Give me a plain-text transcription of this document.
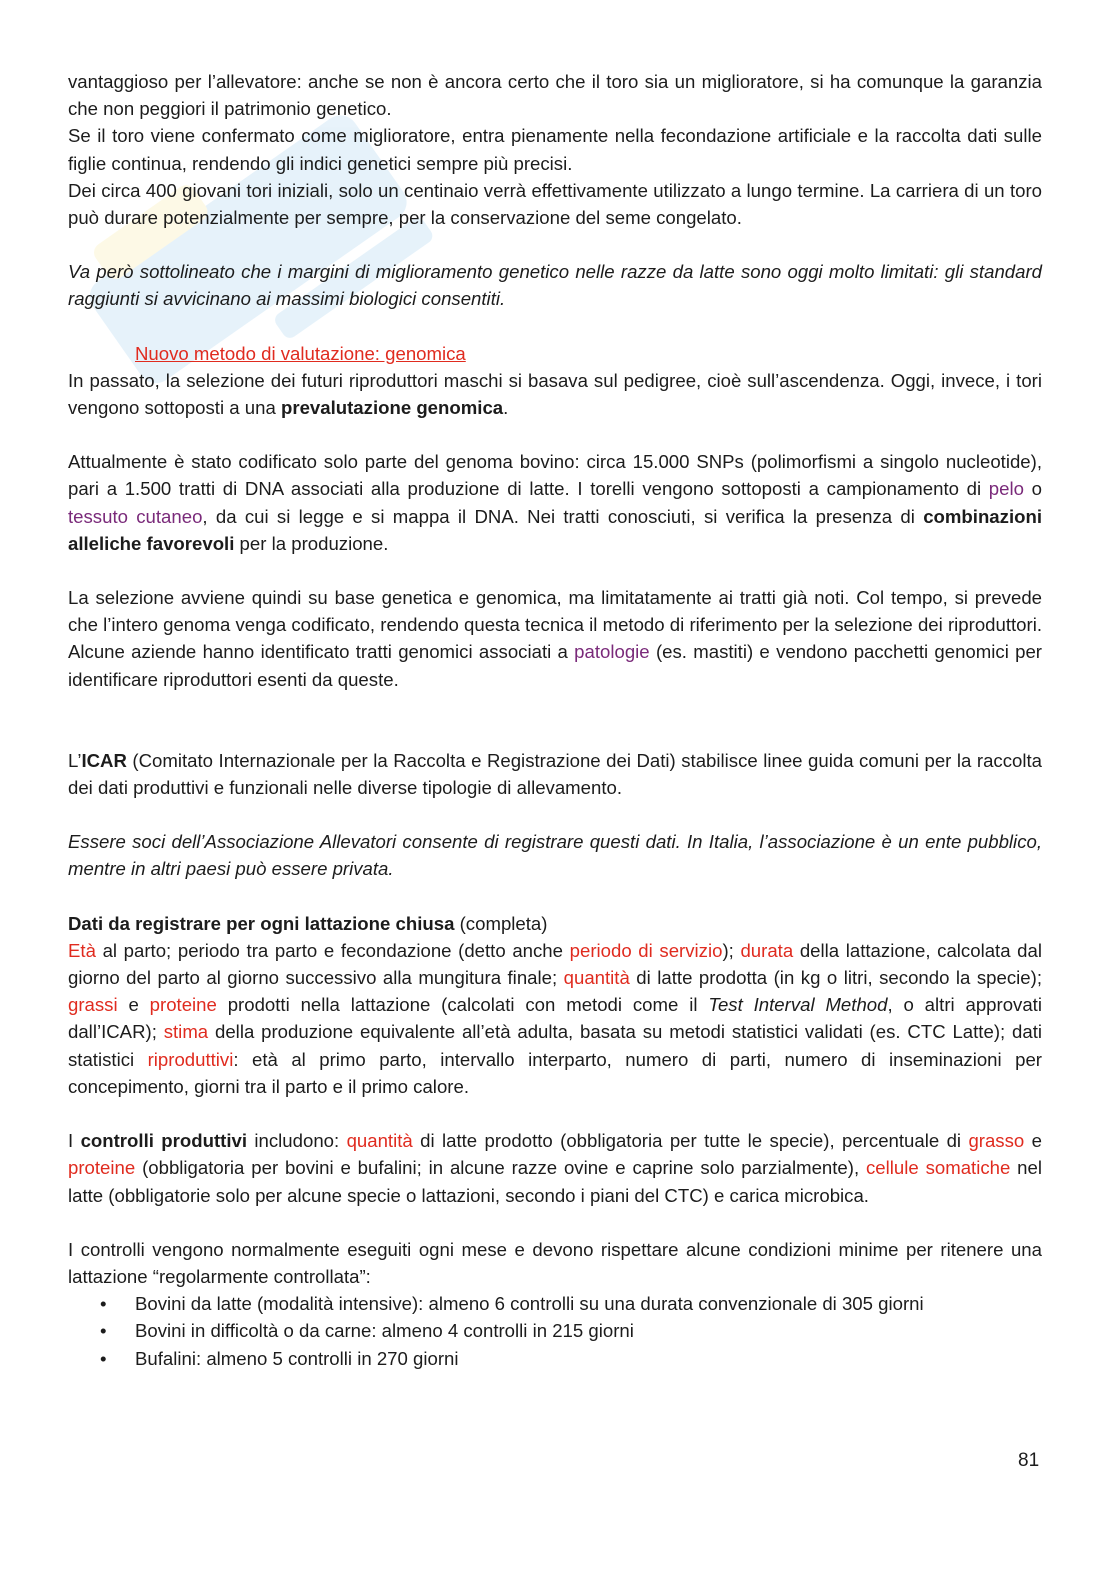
vantaggioso per l’allevatore: anche se non è ancora certo che il toro sia un miglioratore, si ha comunque la garanzia che non peggiori il patrimonio genetico.
Se il toro viene confermato come miglioratore, entra pienamente nella fecondazione artificiale e la raccolta dati sulle figlie continua, rendendo gli indici genetici sempre più precisi.
Dei circa 400 giovani tori iniziali, solo un centinaio verrà effettivamente utilizzato a lungo termine. La carriera di un toro può durare potenzialmente per sempre, per la conservazione del seme congelato.

Va però sottolineato che i margini di miglioramento genetico nelle razze da latte sono oggi molto limitati: gli standard raggiunti si avvicinano ai massimi biologici consentiti.

Nuovo metodo di valutazione: genomica

In passato, la selezione dei futuri riproduttori maschi si basava sul pedigree, cioè sull’ascendenza. Oggi, invece, i tori vengono sottoposti a una prevalutazione genomica.

Attualmente è stato codificato solo parte del genoma bovino: circa 15.000 SNPs (polimorfismi a singolo nucleotide), pari a 1.500 tratti di DNA associati alla produzione di latte. I torelli vengono sottoposti a campionamento di pelo o tessuto cutaneo, da cui si legge e si mappa il DNA. Nei tratti conosciuti, si verifica la presenza di combinazioni alleliche favorevoli per la produzione.

La selezione avviene quindi su base genetica e genomica, ma limitatamente ai tratti già noti. Col tempo, si prevede che l’intero genoma venga codificato, rendendo questa tecnica il metodo di riferimento per la selezione dei riproduttori. Alcune aziende hanno identificato tratti genomici associati a patologie (es. mastiti) e vendono pacchetti genomici per identificare riproduttori esenti da queste.

L’ICAR (Comitato Internazionale per la Raccolta e Registrazione dei Dati) stabilisce linee guida comuni per la raccolta dei dati produttivi e funzionali nelle diverse tipologie di allevamento.

Essere soci dell’Associazione Allevatori consente di registrare questi dati. In Italia, l’associazione è un ente pubblico, mentre in altri paesi può essere privata.

Dati da registrare per ogni lattazione chiusa (completa)
Età al parto; periodo tra parto e fecondazione (detto anche periodo di servizio); durata della lattazione, calcolata dal giorno del parto al giorno successivo alla mungitura finale; quantità di latte prodotta (in kg o litri, secondo la specie); grassi e proteine prodotti nella lattazione (calcolati con metodi come il Test Interval Method, o altri approvati dall’ICAR); stima della produzione equivalente all’età adulta, basata su metodi statistici validati (es. CTC Latte); dati statistici riproduttivi: età al primo parto, intervallo interparto, numero di parti, numero di inseminazioni per concepimento, giorni tra il parto e il primo calore.

I controlli produttivi includono: quantità di latte prodotto (obbligatoria per tutte le specie), percentuale di grasso e proteine (obbligatoria per bovini e bufalini; in alcune razze ovine e caprine solo parzialmente), cellule somatiche nel latte (obbligatorie solo per alcune specie o lattazioni, secondo i piani del CTC) e carica microbica.

I controlli vengono normalmente eseguiti ogni mese e devono rispettare alcune condizioni minime per ritenere una lattazione “regolarmente controllata”:

• Bovini da latte (modalità intensive): almeno 6 controlli su una durata convenzionale di 305 giorni
• Bovini in difficoltà o da carne: almeno 4 controlli in 215 giorni
• Bufalini: almeno 5 controlli in 270 giorni
81
